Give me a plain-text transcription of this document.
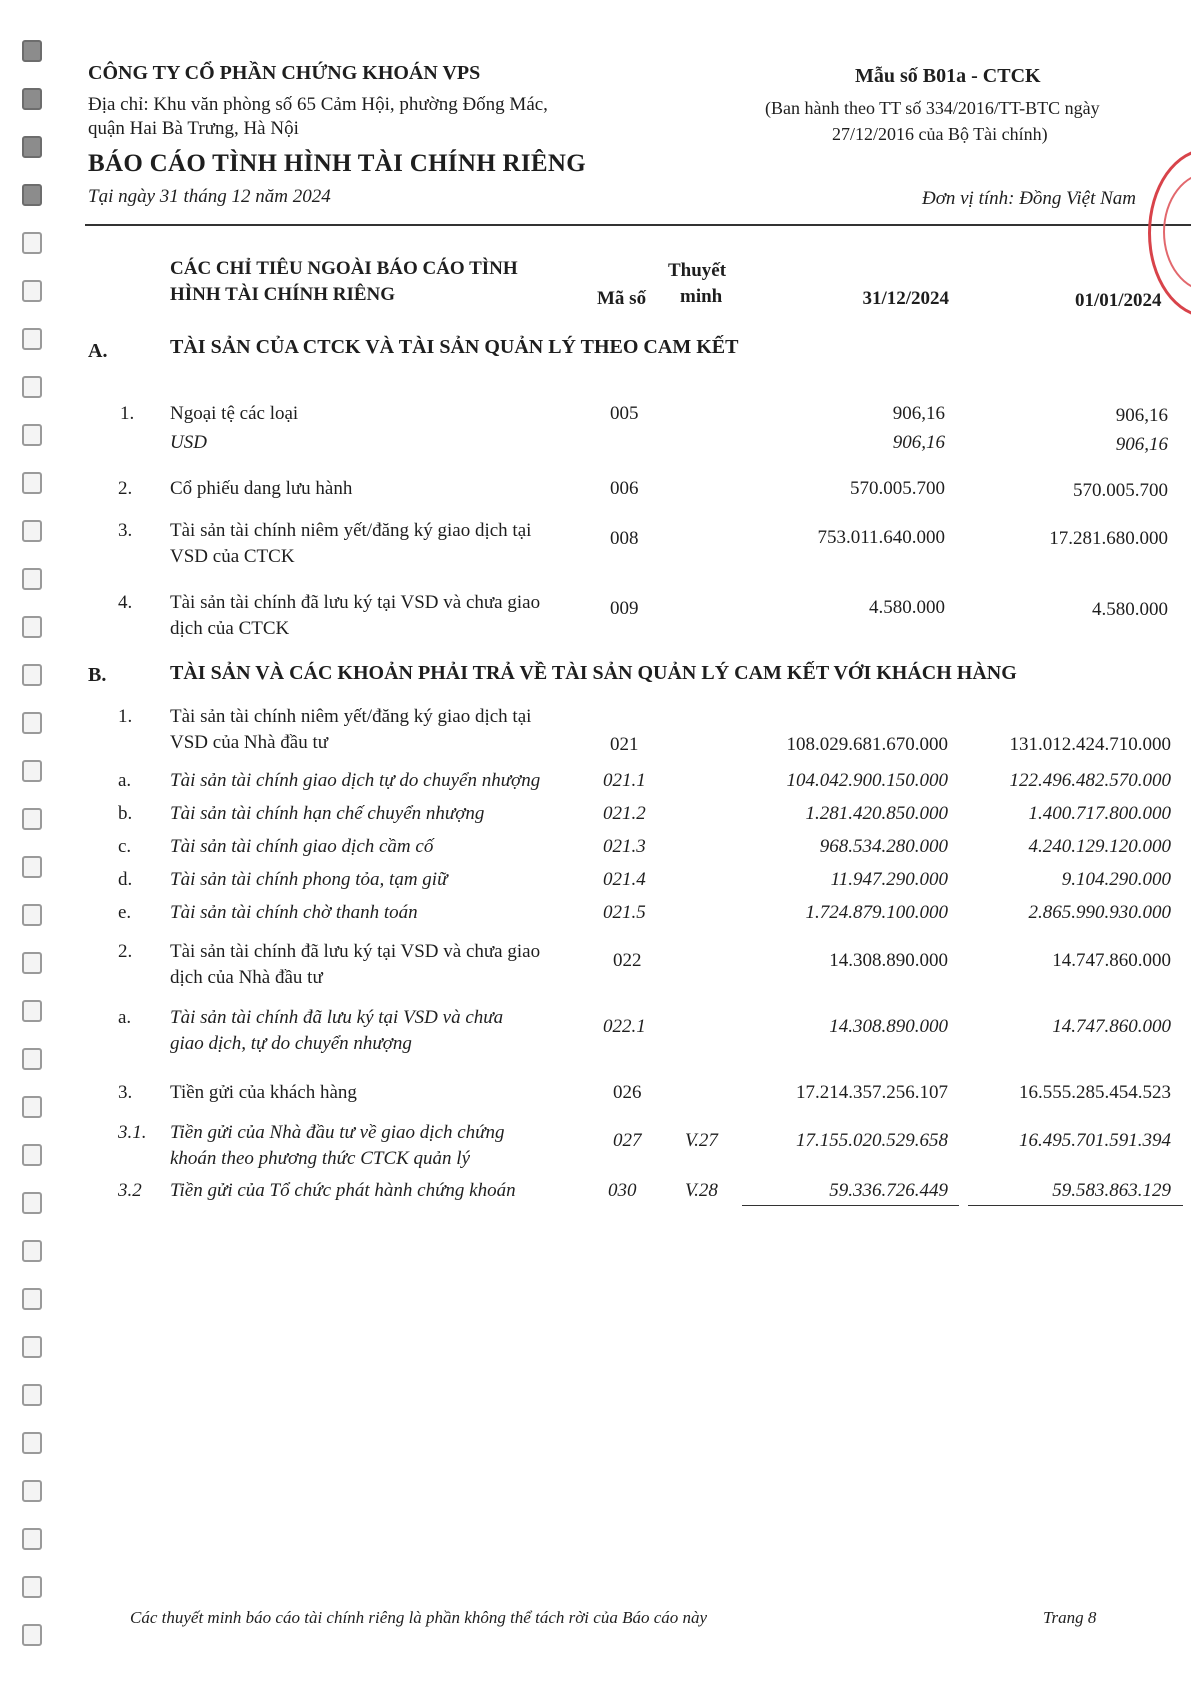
CÔNG TY CỔ PHẦN CHỨNG KHOÁN VPS
Địa chỉ: Khu văn phòng số 65 Cảm Hội, phường Đống Mác,
quận Hai Bà Trưng, Hà Nội
BÁO CÁO TÌNH HÌNH TÀI CHÍNH RIÊNG
Tại ngày 31 tháng 12 năm 2024
Mẫu số B01a - CTCK
(Ban hành theo TT số 334/2016/TT-BTC ngày
27/12/2016 của Bộ Tài chính)
Đơn vị tính: Đồng Việt Nam
CÁC CHỈ TIÊU NGOÀI BÁO CÁO TÌNH
HÌNH TÀI CHÍNH RIÊNG	Mã số
Thuyết
minh	31/12/2024	01/01/2024
A.	TÀI SẢN CỦA CTCK VÀ TÀI SẢN QUẢN LÝ THEO CAM KẾT
1. Ngoại tệ các loại	005	906,16	906,16
USD	906,16	906,16
2. Cổ phiếu dang lưu hành	006	570.005.700	570.005.700
3. Tài sản tài chính niêm yết/đăng ký giao dịch tại
VSD của CTCK
008	753.011.640.000	17.281.680.000
4. Tài sản tài chính đã lưu ký tại VSD và chưa giao
dịch của CTCK
009	4.580.000	4.580.000
B.	TÀI SẢN VÀ CÁC KHOẢN PHẢI TRẢ VỀ TÀI SẢN QUẢN LÝ CAM KẾT VỚI KHÁCH HÀNG
1. Tài sản tài chính niêm yết/đăng ký giao dịch tại
VSD của Nhà đầu tư	021	108.029.681.670.000	131.012.424.710.000
a. Tài sản tài chính giao dịch tự do chuyển nhượng	021.1	104.042.900.150.000	122.496.482.570.000
b. Tài sản tài chính hạn chế chuyển nhượng	021.2	1.281.420.850.000	1.400.717.800.000
c. Tài sản tài chính giao dịch cầm cố	021.3	968.534.280.000	4.240.129.120.000
d. Tài sản tài chính phong tỏa, tạm giữ	021.4	11.947.290.000	9.104.290.000
e. Tài sản tài chính chờ thanh toán	021.5	1.724.879.100.000	2.865.990.930.000
2. Tài sản tài chính đã lưu ký tại VSD và chưa giao
dịch của Nhà đầu tư
022	14.308.890.000	14.747.860.000
a. Tài sản tài chính đã lưu ký tại VSD và chưa
giao dịch, tự do chuyển nhượng
022.1	14.308.890.000	14.747.860.000
3. Tiền gửi của khách hàng	026	17.214.357.256.107	16.555.285.454.523
3.1. Tiền gửi của Nhà đầu tư về giao dịch chứng
khoán theo phương thức CTCK quản lý
027 V.27	17.155.020.529.658	16.495.701.591.394
3.2 Tiền gửi của Tổ chức phát hành chứng khoán	030	V.28	59.336.726.449	59.583.863.129
Các thuyết minh báo cáo tài chính riêng là phần không thể tách rời của Báo cáo này	Trang 8
